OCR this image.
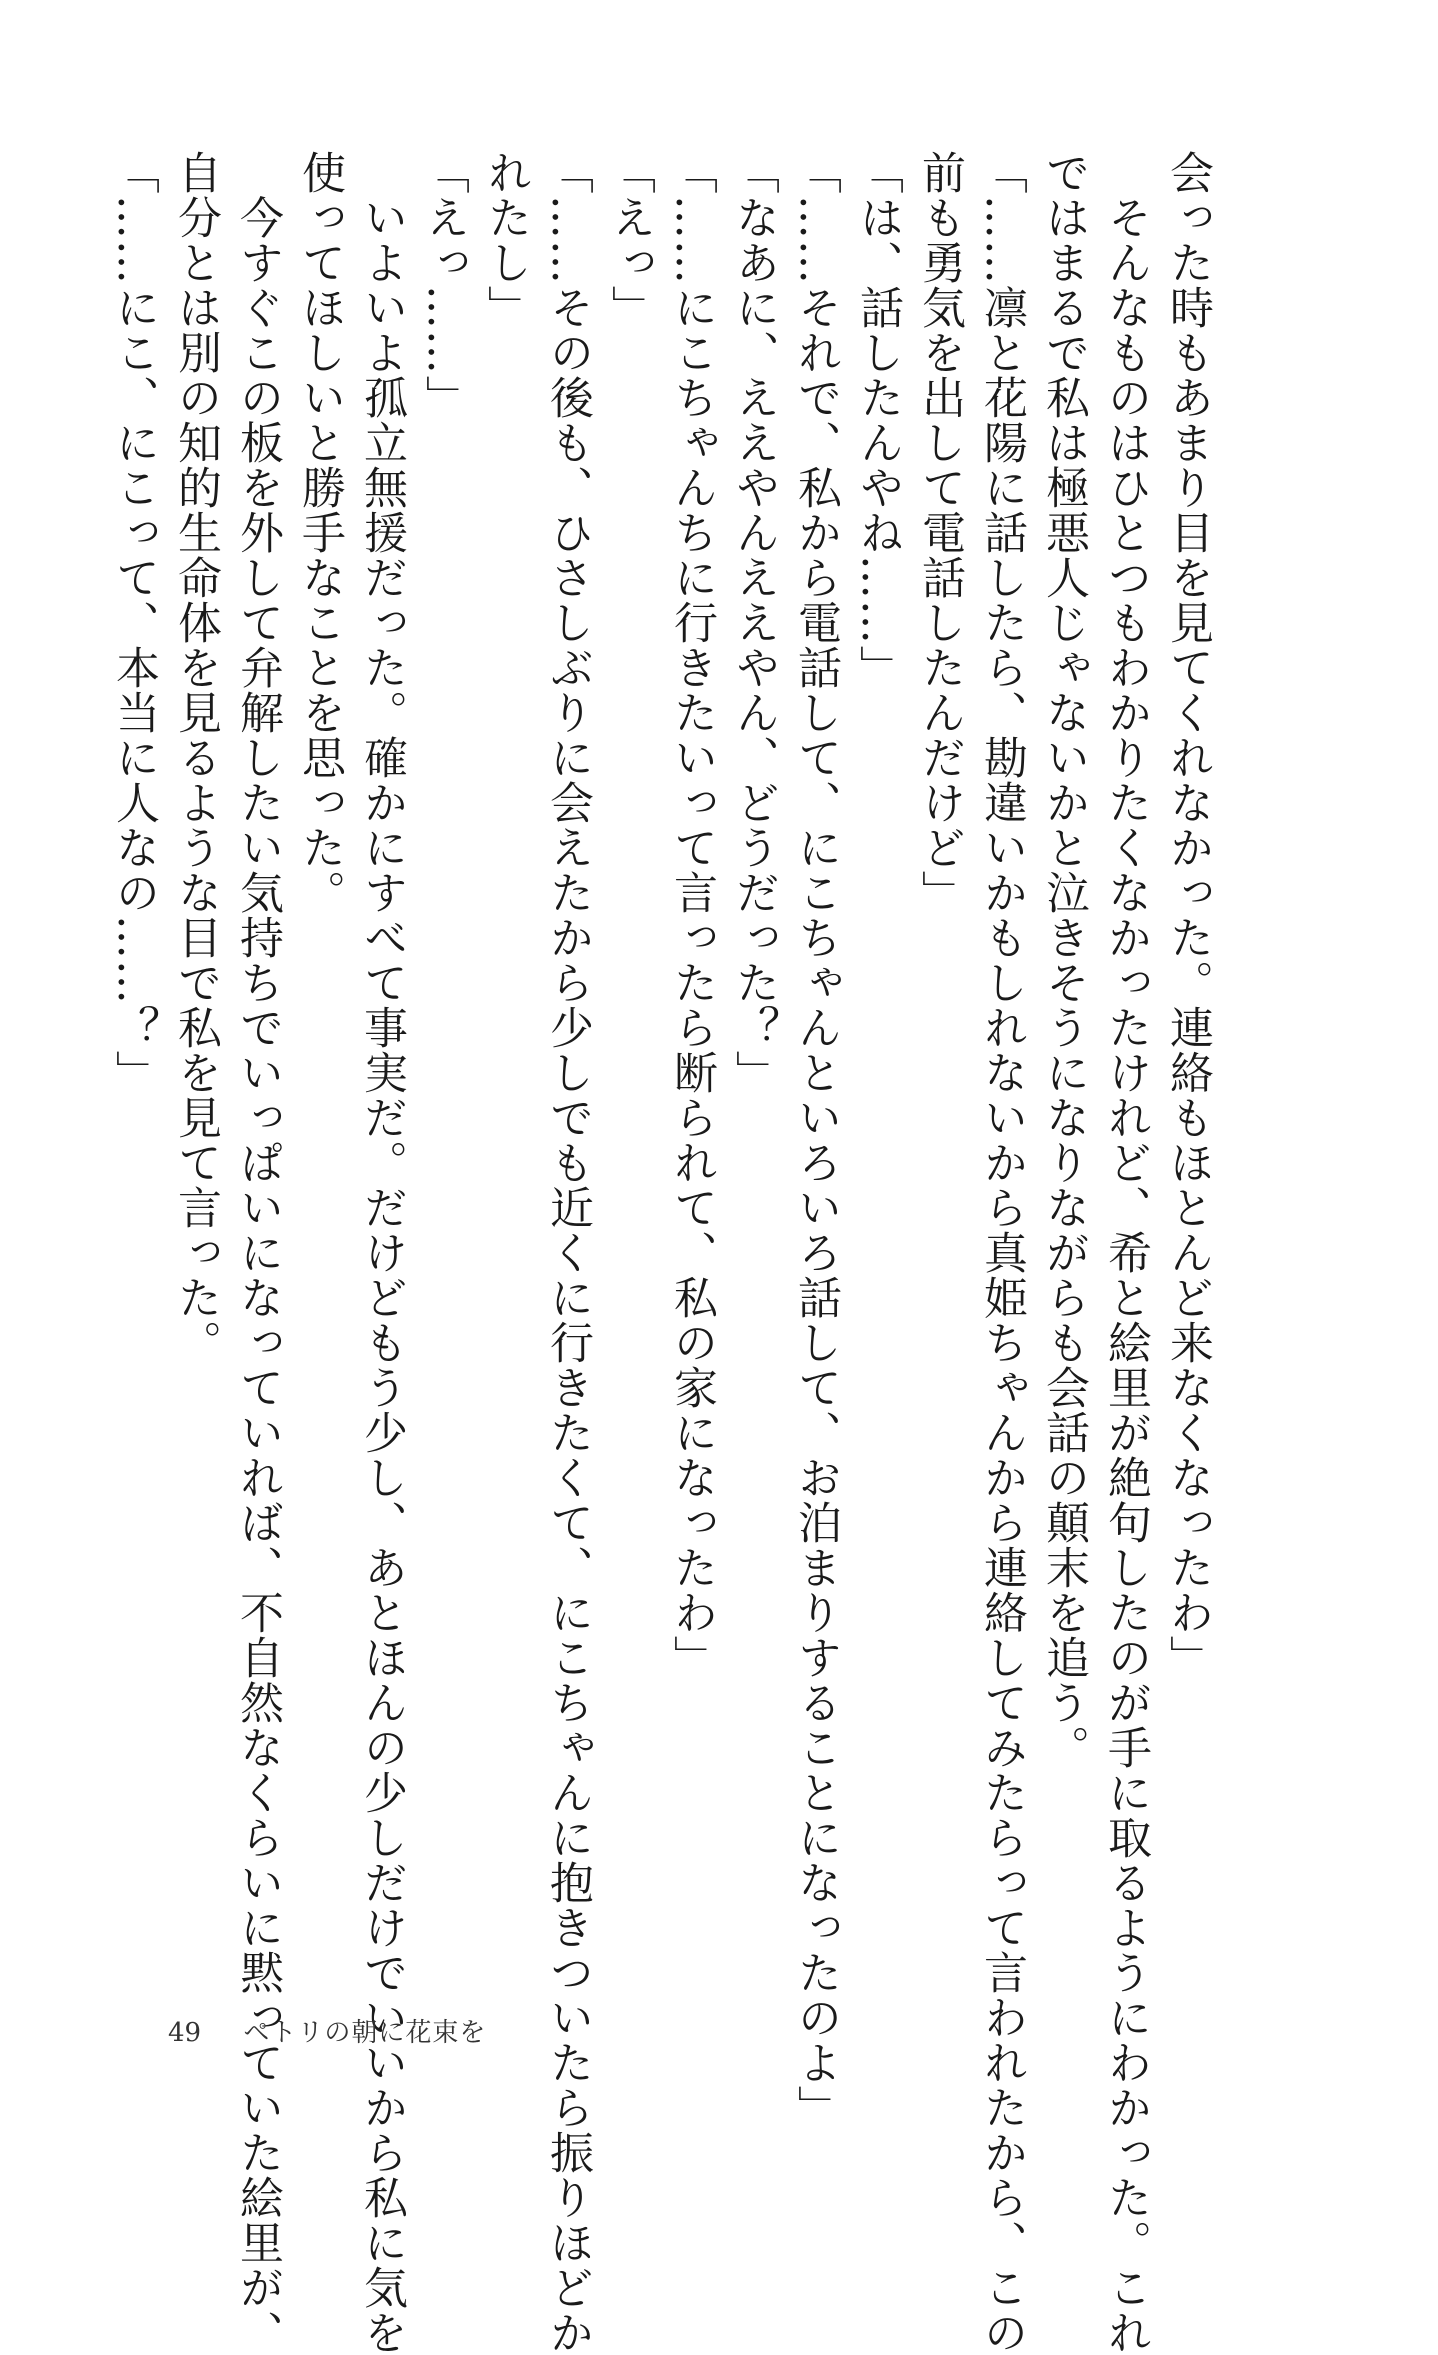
会った時もあまり目を見てくれなかった。連絡もほとんど来なくなったわ」
　そんなものはひとつもわかりたくなかったけれど、希と絵里が絶句したのが手に取るようにわかった。これ
ではまるで私は極悪人じゃないかと泣きそうになりながらも会話の顛末を追う。
「……凛と花陽に話したら、勘違いかもしれないから真姫ちゃんから連絡してみたらって言われたから、この
前も勇気を出して電話したんだけど」
「は、話したんやね……」
「……それで、私から電話して、にこちゃんといろいろ話して、お泊まりすることになったのよ」
「なあに、ええやんええやん、どうだった？」
「……にこちゃんちに行きたいって言ったら断られて、私の家になったわ」
「えっ」
「……その後も、ひさしぶりに会えたから少しでも近くに行きたくて、にこちゃんに抱きついたら振りほどか
れたし」
「えっ……」
　いよいよ孤立無援だった。確かにすべて事実だ。だけどもう少し、あとほんの少しだけでいいから私に気を
使ってほしいと勝手なことを思った。
　今すぐこの板を外して弁解したい気持ちでいっぱいになっていれば、不自然なくらいに黙っていた絵里が、
自分とは別の知的生命体を見るような目で私を見て言った。
「……にこ、にこって、本当に人なの……？」
49 ペトリの朝に花束を
